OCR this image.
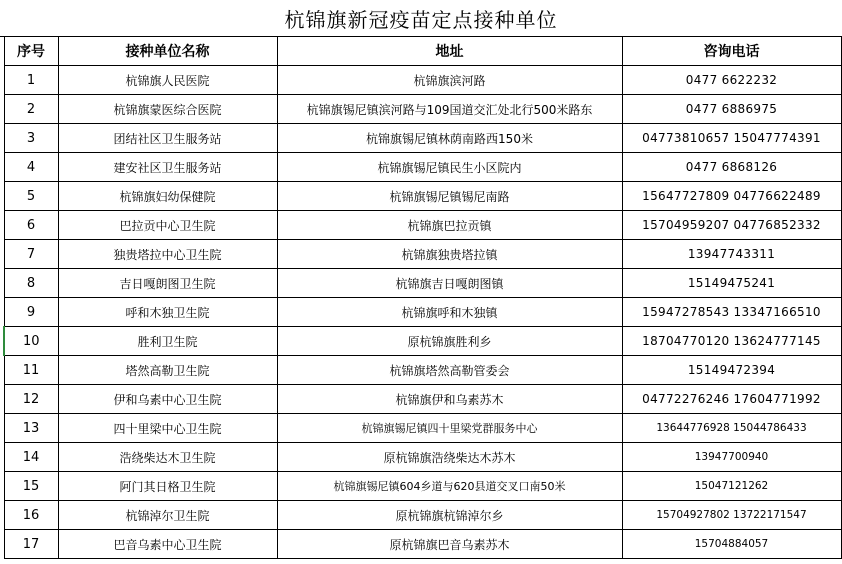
杭锦旗新冠疫苗定点接种单位
序号	接种单位名称	地址	咨询电话
1	杭锦旗人民医院	杭锦旗滨河路	0477 6622232
2	杭锦旗蒙医综合医院	杭锦旗锡尼镇滨河路与109国道交汇处北行500米路东	0477 6886975
3	团结社区卫生服务站	杭锦旗锡尼镇林荫南路西150米	04773810657 15047774391
4	建安社区卫生服务站	杭锦旗锡尼镇民生小区院内	0477 6868126
5	杭锦旗妇幼保健院	杭锦旗锡尼镇锡尼南路	15647727809 04776622489
6	巴拉贡中心卫生院	杭锦旗巴拉贡镇	15704959207 04776852332
7	独贵塔拉中心卫生院	杭锦旗独贵塔拉镇	13947743311
8	吉日嘎朗图卫生院	杭锦旗吉日嘎朗图镇	15149475241
9	呼和木独卫生院	杭锦旗呼和木独镇	15947278543 13347166510
10	胜利卫生院	原杭锦旗胜利乡	18704770120 13624777145
11	塔然高勒卫生院	杭锦旗塔然高勒管委会	15149472394
12	伊和乌素中心卫生院	杭锦旗伊和乌素苏木	04772276246 17604771992
13	四十里梁中心卫生院	杭锦旗锡尼镇四十里梁党群服务中心	13644776928 15044786433
14	浩绕柴达木卫生院	原杭锦旗浩绕柴达木苏木	13947700940
15	阿门其日格卫生院	杭锦旗锡尼镇604乡道与620县道交叉口南50米	15047121262
16	杭锦淖尔卫生院	原杭锦旗杭锦淖尔乡	15704927802 13722171547
17	巴音乌素中心卫生院	原杭锦旗巴音乌素苏木	15704884057
